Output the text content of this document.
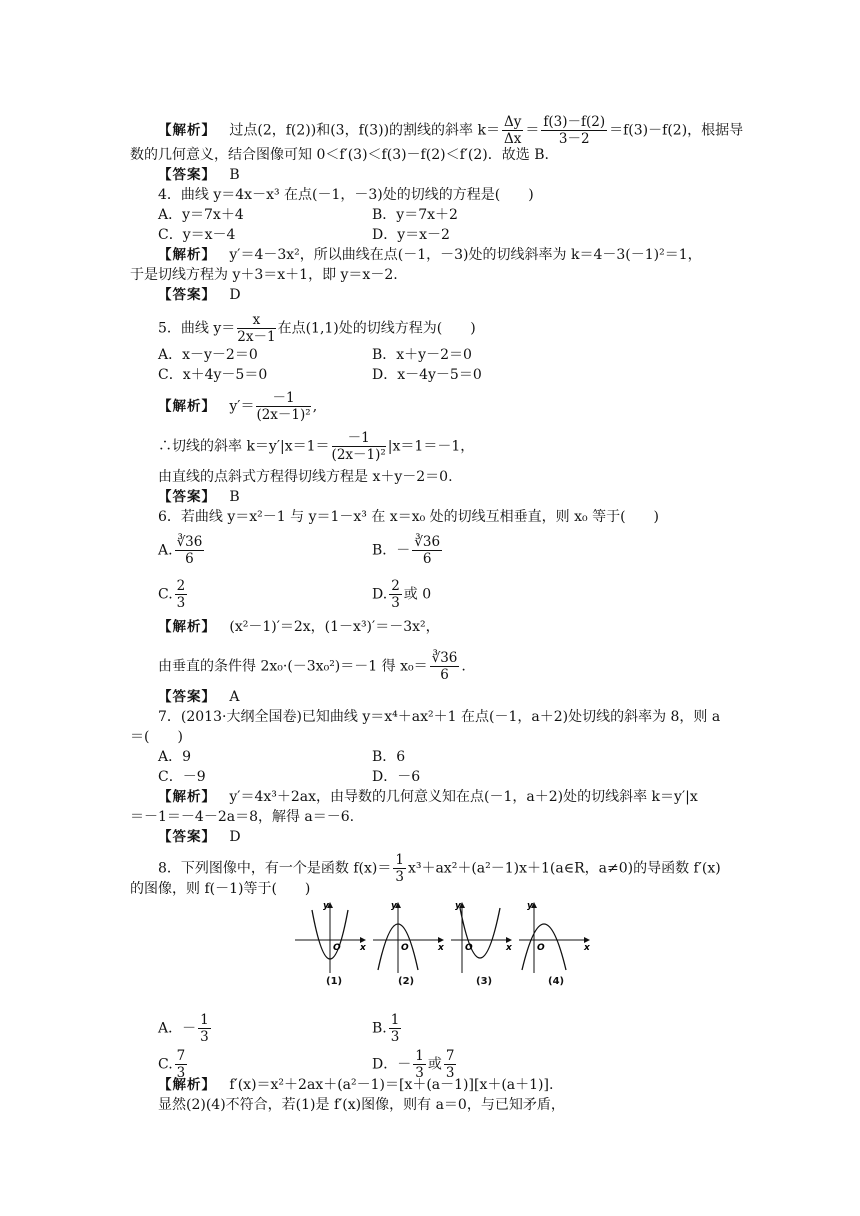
【解析】 过点(2，f(2))和(3，f(3))的割线的斜率 $k= \frac{\Delta y}{\Delta x} = \frac{f(3)-f(2)}{3-2} =f(3)-f(2)$，根据导
数的几何意义，结合图像可知 0＜f′(3)＜f(3)－f(2)＜f′(2)．故选 B.
【答案】 B
4．曲线 y＝4x－x³ 在点(－1，－3)处的切线的方程是(　　)
A．y＝7x＋4	B．y＝7x＋2
C．y＝x－4	D．y＝x－2
【解析】 y′＝4－3x²，所以曲线在点(－1，－3)处的切线斜率为 k＝4－3(－1)²＝1，
于是切线方程为 y＋3＝x＋1，即 y＝x－2.
【答案】 D
5．曲线 $y= \frac{x}{2x-1}$ 在点(1,1)处的切线方程为(　　)
A．x－y－2＝0	B．x＋y－2＝0
C．x＋4y－5＝0	D．x－4y－5＝0
【解析】 $y'= \frac{-1}{\text{(2x－1)²}}$ ,
∴切线的斜率 $k=y'|x=1= \frac{-1}{\text{(2x－1)²}} |x=1=-1$，
由直线的点斜式方程得切线方程是 x＋y－2＝0.
【答案】 B
6．若曲线 y＝x²－1 与 y＝1－x³ 在 x＝x₀ 处的切线互相垂直，则 x₀ 等于(　　)
A. $\frac{∛36}{6}$	B．－ $\frac{∛36}{6}$
C. $\frac{2}{3}$	D. $\frac{2}{3}$ 或 0
【解析】 (x²－1)′＝2x，(1－x³)′＝－3x²，
由垂直的条件得 2x₀·(－3x₀²)＝－1 得 $x_0= \frac{∛36}{6}$ .
【答案】 A
7．(2013·大纲全国卷)已知曲线 y＝x⁴＋ax²＋1 在点(－1，a＋2)处切线的斜率为 8，则 a
＝(　　)
A．9	B．6
C．－9	D．－6
【解析】 y′＝4x³＋2ax，由导数的几何意义知在点(－1，a＋2)处的切线斜率 k＝y′|x
＝－1＝－4－2a＝8，解得 a＝－6.
【答案】 D
8．下列图像中，有一个是函数 $f(x)= \frac{1}{3}$ x³＋ax²＋(a²－1)x＋1(a∈R，a≠0)的导函数 f′(x)
的图像，则 f(－1)等于(　　)
y
x
O
y
x
O
y
x
O
y
x
O
(1)	(2)	(3)	(4)
A．－ $\frac{1}{3}$	B. $\frac{1}{3}$
C. $\frac{7}{3}$	D．－ $\frac{1}{3}$ 或 $\frac{7}{3}$
【解析】 f′(x)＝x²＋2ax＋(a²－1)＝[x＋(a－1)][x＋(a＋1)].
显然(2)(4)不符合，若(1)是 f′(x)图像，则有 a＝0，与已知矛盾，
